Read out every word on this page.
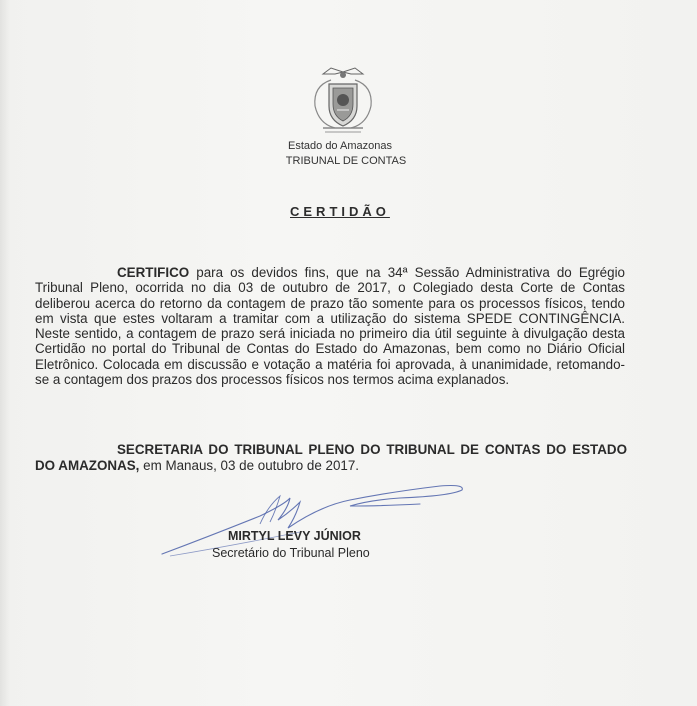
Estado do Amazonas
TRIBUNAL DE CONTAS
CERTIDÃO
CERTIFICO para os devidos fins, que na 34ª Sessão Administrativa do Egrégio Tribunal Pleno, ocorrida no dia 03 de outubro de 2017, o Colegiado desta Corte de Contas deliberou acerca do retorno da contagem de prazo tão somente para os processos físicos, tendo em vista que estes voltaram a tramitar com a utilização do sistema SPEDE CONTINGÊNCIA. Neste sentido, a contagem de prazo será iniciada no primeiro dia útil seguinte à divulgação desta Certidão no portal do Tribunal de Contas do Estado do Amazonas, bem como no Diário Oficial Eletrônico. Colocada em discussão e votação a matéria foi aprovada, à unanimidade, retomando-se a contagem dos prazos dos processos físicos nos termos acima explanados.
SECRETARIA DO TRIBUNAL PLENO DO TRIBUNAL DE CONTAS DO ESTADO DO AMAZONAS, em Manaus, 03 de outubro de 2017.
MIRTYL LEVY JÚNIOR
Secretário do Tribunal Pleno
